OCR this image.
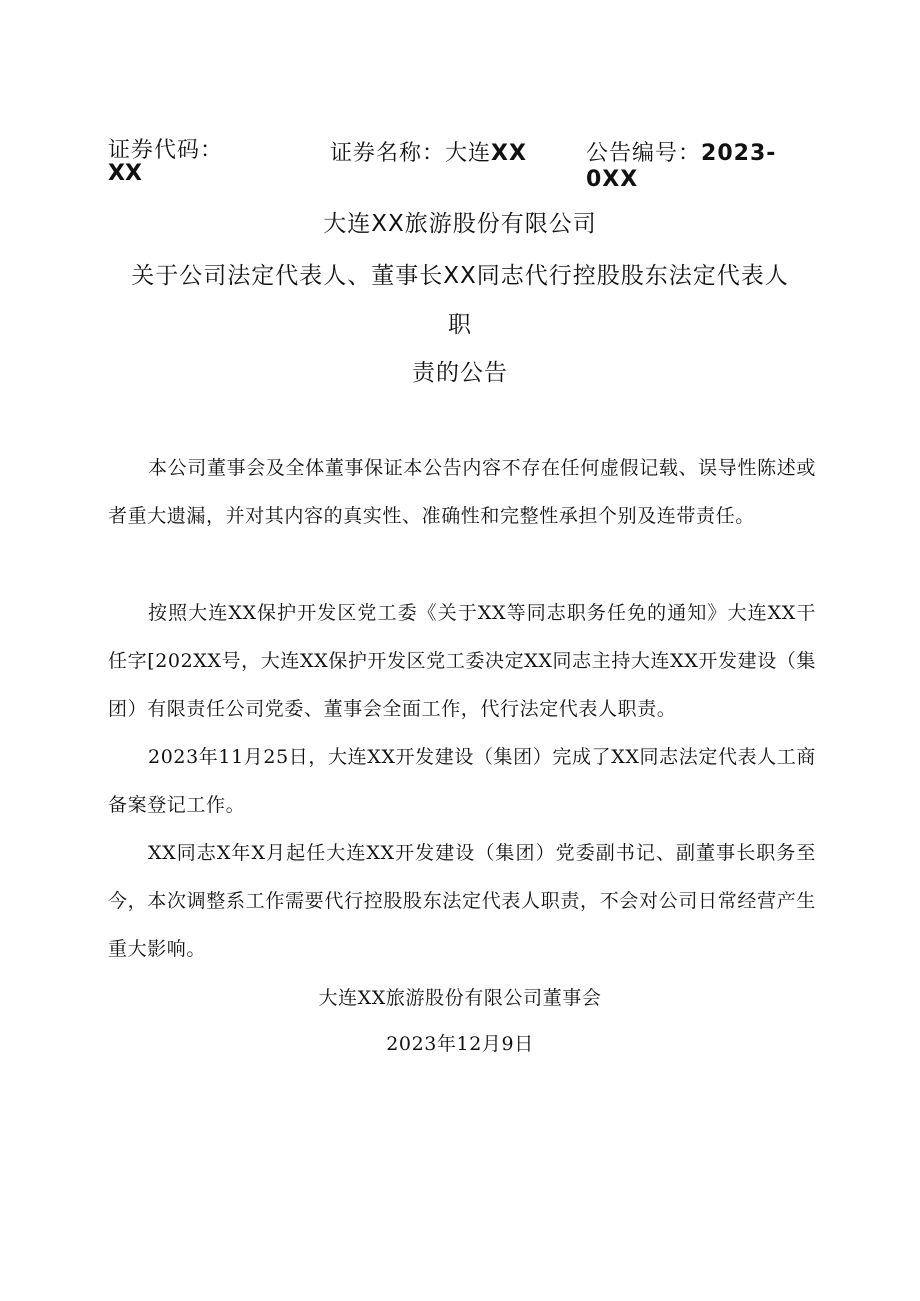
证券代码：	证券名称：大连XX	公告编号：2023-0XX
XX
大连XX旅游股份有限公司
关于公司法定代表人、董事长XX同志代行控股股东法定代表人
职
责的公告
本公司董事会及全体董事保证本公告内容不存在任何虚假记载、误导性陈述或者重大遗漏，并对其内容的真实性、准确性和完整性承担个别及连带责任。
按照大连XX保护开发区党工委《关于XX等同志职务任免的通知》大连XX干任字[202XX号，大连XX保护开发区党工委决定XX同志主持大连XX开发建设（集团）有限责任公司党委、董事会全面工作，代行法定代表人职责。
2023年11月25日，大连XX开发建设（集团）完成了XX同志法定代表人工商备案登记工作。
XX同志X年X月起任大连XX开发建设（集团）党委副书记、副董事长职务至今，本次调整系工作需要代行控股股东法定代表人职责，不会对公司日常经营产生重大影响。
大连XX旅游股份有限公司董事会
2023年12月9日
